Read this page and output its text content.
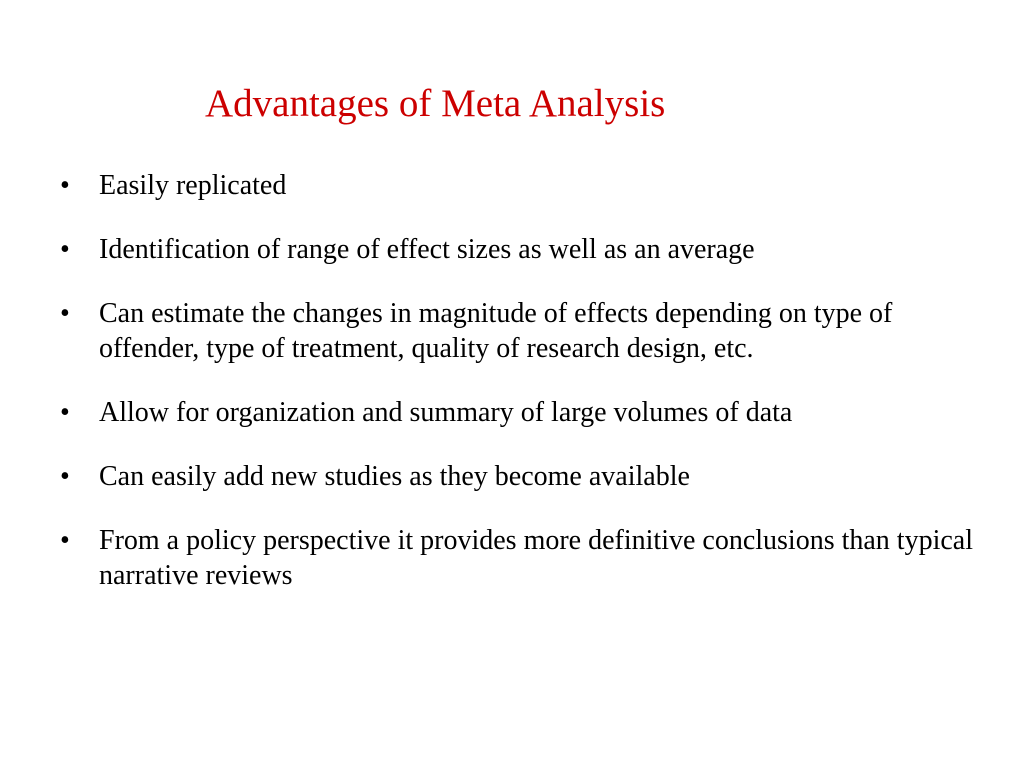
Advantages of Meta Analysis
•	Easily replicated
•	Identification of range of effect sizes as well as an average
•	Can estimate the changes in magnitude of effects depending on type of offender, type of treatment, quality of research design, etc.
•	Allow for organization and summary of large volumes of data
•	Can easily add new studies as they become available
•	From a policy perspective it provides more definitive conclusions than typical narrative reviews
